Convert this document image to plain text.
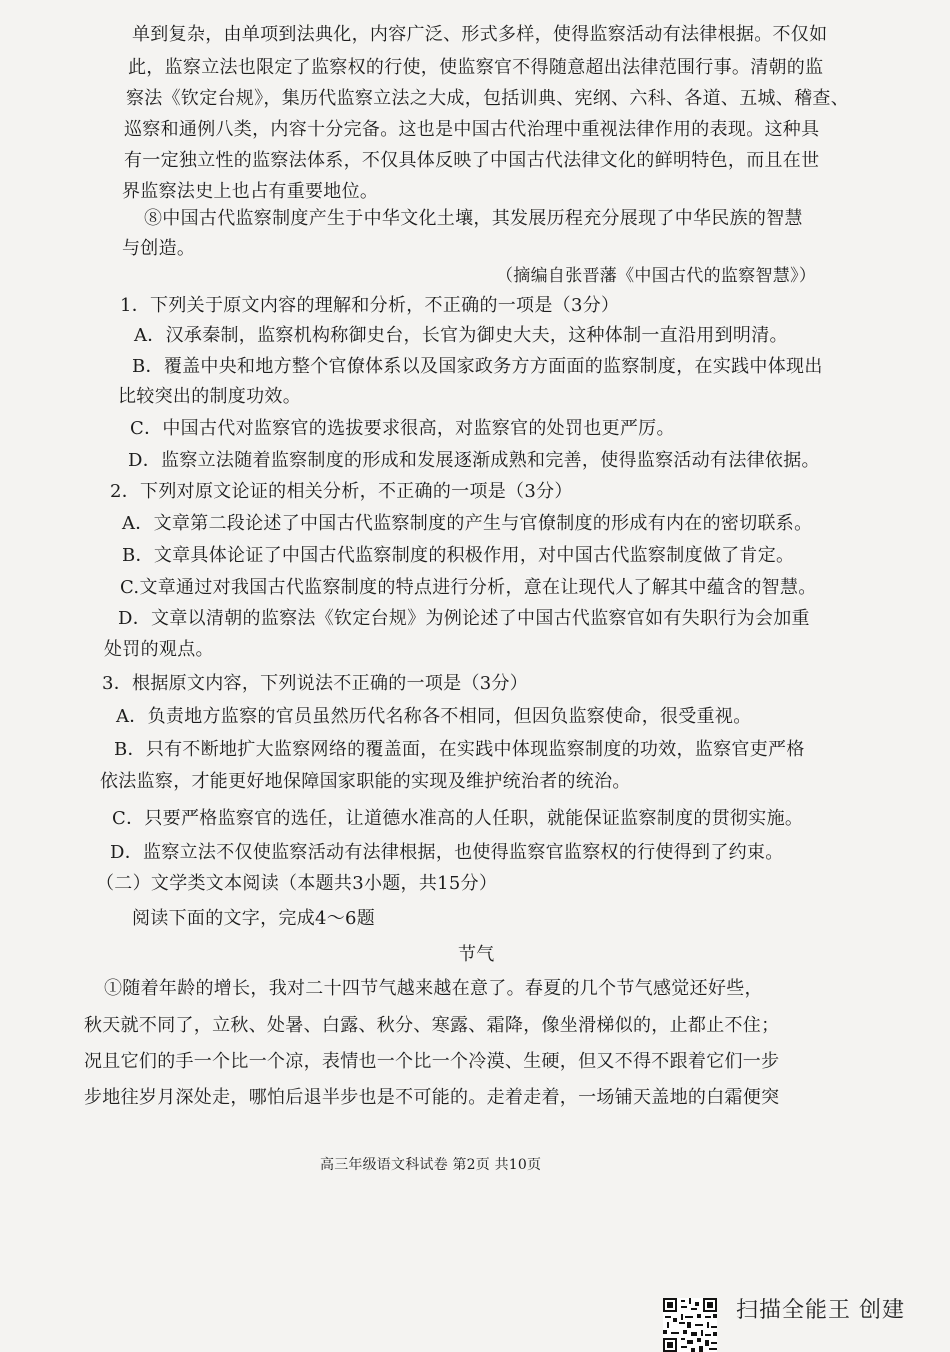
单到复杂，由单项到法典化，内容广泛、形式多样，使得监察活动有法律根据。不仅如
此，监察立法也限定了监察权的行使，使监察官不得随意超出法律范围行事。清朝的监
察法《钦定台规》，集历代监察立法之大成，包括训典、宪纲、六科、各道、五城、稽查、
巡察和通例八类，内容十分完备。这也是中国古代治理中重视法律作用的表现。这种具
有一定独立性的监察法体系，不仅具体反映了中国古代法律文化的鲜明特色，而且在世
界监察法史上也占有重要地位。
⑧中国古代监察制度产生于中华文化土壤，其发展历程充分展现了中华民族的智慧
与创造。
（摘编自张晋藩《中国古代的监察智慧》）
1．下列关于原文内容的理解和分析，不正确的一项是（3分）
A．汉承秦制，监察机构称御史台，长官为御史大夫，这种体制一直沿用到明清。
B．覆盖中央和地方整个官僚体系以及国家政务方方面面的监察制度，在实践中体现出
比较突出的制度功效。
C．中国古代对监察官的选拔要求很高，对监察官的处罚也更严厉。
D．监察立法随着监察制度的形成和发展逐渐成熟和完善，使得监察活动有法律依据。
2．下列对原文论证的相关分析，不正确的一项是（3分）
A．文章第二段论述了中国古代监察制度的产生与官僚制度的形成有内在的密切联系。
B．文章具体论证了中国古代监察制度的积极作用，对中国古代监察制度做了肯定。
C.文章通过对我国古代监察制度的特点进行分析，意在让现代人了解其中蕴含的智慧。
D．文章以清朝的监察法《钦定台规》为例论述了中国古代监察官如有失职行为会加重
处罚的观点。
3．根据原文内容，下列说法不正确的一项是（3分）
A．负责地方监察的官员虽然历代名称各不相同，但因负监察使命，很受重视。
B．只有不断地扩大监察网络的覆盖面，在实践中体现监察制度的功效，监察官吏严格
依法监察，才能更好地保障国家职能的实现及维护统治者的统治。
C．只要严格监察官的选任，让道德水准高的人任职，就能保证监察制度的贯彻实施。
D．监察立法不仅使监察活动有法律根据，也使得监察官监察权的行使得到了约束。
（二）文学类文本阅读（本题共3小题，共15分）
阅读下面的文字，完成4～6题
节气
①随着年龄的增长，我对二十四节气越来越在意了。春夏的几个节气感觉还好些，
秋天就不同了，立秋、处暑、白露、秋分、寒露、霜降，像坐滑梯似的，止都止不住；
况且它们的手一个比一个凉，表情也一个比一个冷漠、生硬，但又不得不跟着它们一步
步地往岁月深处走，哪怕后退半步也是不可能的。走着走着，一场铺天盖地的白霜便突
高三年级语文科试卷 第2页 共10页
扫描全能王 创建
